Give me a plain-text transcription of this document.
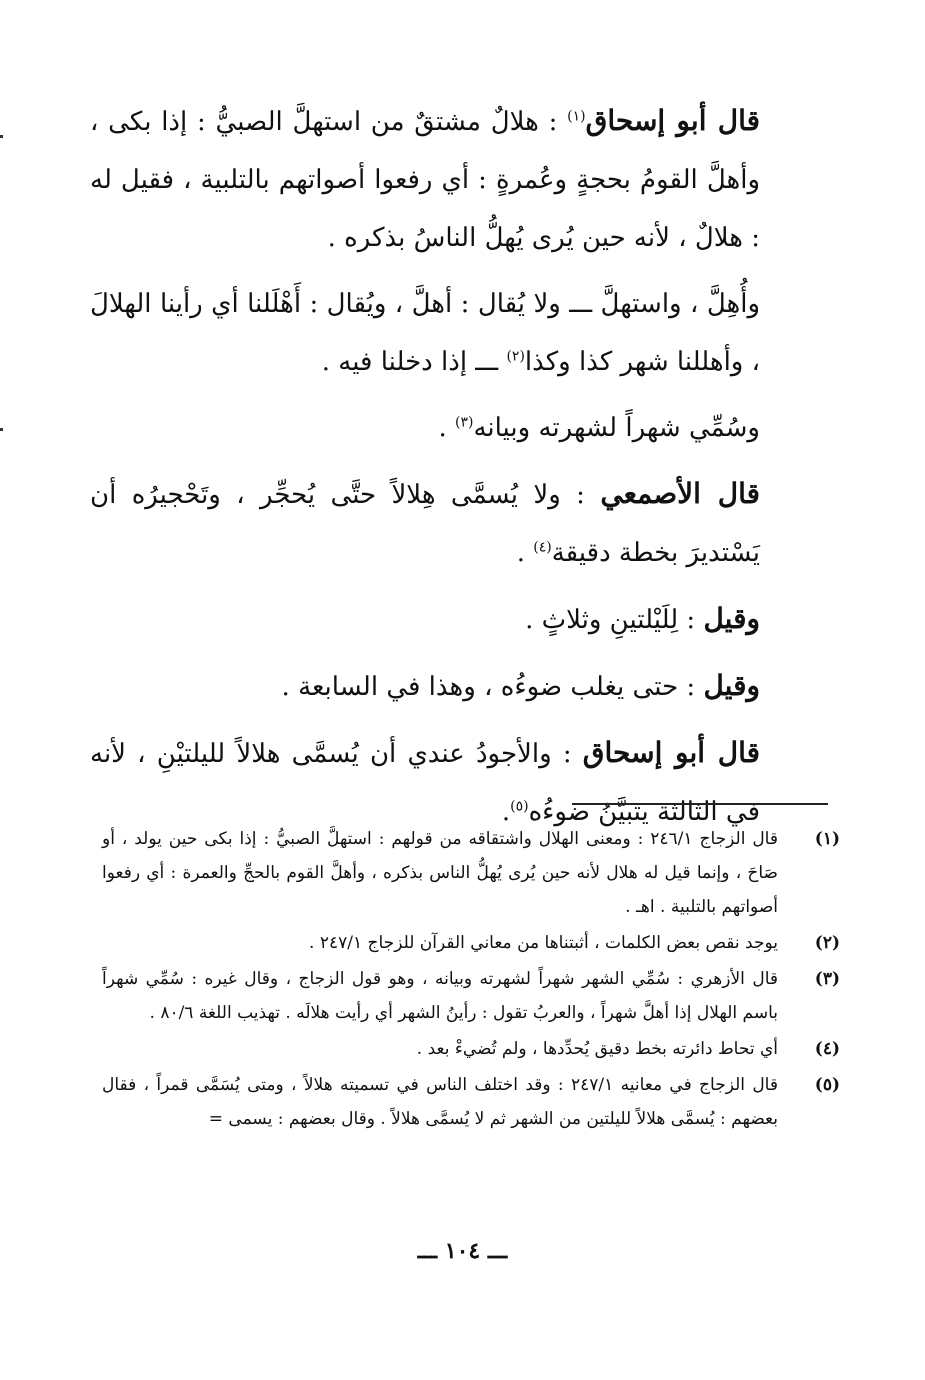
قال أبو إسحاق$^{(١)}$ : هلالٌ مشتقٌ من استهلَّ الصبيُّ : إذا بكى ، وأهلَّ القومُ بحجةٍ وعُمرةٍ : أي رفعوا أصواتهم بالتلبية ، فقيل له : هلالٌ ، لأنه حين يُرى يُهلُّ الناسُ بذكره .
وأُهِلَّ ، واستهلَّ ـــ ولا يُقال : أهلَّ ، ويُقال : أَهْلَلنا أي رأينا الهلالَ ، وأهللنا شهر كذا وكذا$^{(٢)}$ ـــ إذا دخلنا فيه .
وسُمِّي شهراً لشهرته وبيانه$^{(٣)}$ .
قال الأصمعي : ولا يُسمَّى هِلالاً حتَّى يُحجِّر ، وتَحْجيرُه أن يَسْتديرَ بخطة دقيقة$^{(٤)}$ .
وقيل : لِلَيْلتينِ وثلاثٍ .
وقيل : حتى يغلب ضوءُه ، وهذا في السابعة .
قال أبو إسحاق : والأجودُ عندي أن يُسمَّى هلالاً لليلتيْنِ ، لأنه في الثالثة يتبيَّنُ ضوءُه$^{(٥)}$.
(١)
قال الزجاج ٢٤٦/١ : ومعنى الهلال واشتقاقه من قولهم : استهلَّ الصبيُّ : إذا بكى حين يولد ، أو صَاحَ ، وإنما قيل له هلال لأنه حين يُرى يُهلُّ الناس بذكره ، وأهلَّ القوم بالحجِّ والعمرة : أي رفعوا أصواتهم بالتلبية . اهـ .
(٢)
يوجد نقص بعض الكلمات ، أثبتناها من معاني القرآن للزجاج ٢٤٧/١ .
(٣)
قال الأزهري : سُمِّي الشهر شهراً لشهرته وبيانه ، وهو قول الزجاج ، وقال غيره : سُمِّي شهراً باسم الهلال إذا أهلَّ شهراً ، والعربُ تقول : رأينُ الشهر أي رأيت هلالَه . تهذيب اللغة ٨٠/٦ .
(٤)
أي تحاط دائرته بخط دقيق يُحدِّدها ، ولم تُضيءْ بعد .
(٥)
قال الزجاج في معانيه ٢٤٧/١ : وقد اختلف الناس في تسميته هلالاً ، ومتى يُسَمَّى قمراً ، فقال بعضهم : يُسمَّى هلالاً لليلتين من الشهر ثم لا يُسمَّى هلالاً . وقال بعضهم : يسمى =
ـــ ١٠٤ ـــ
